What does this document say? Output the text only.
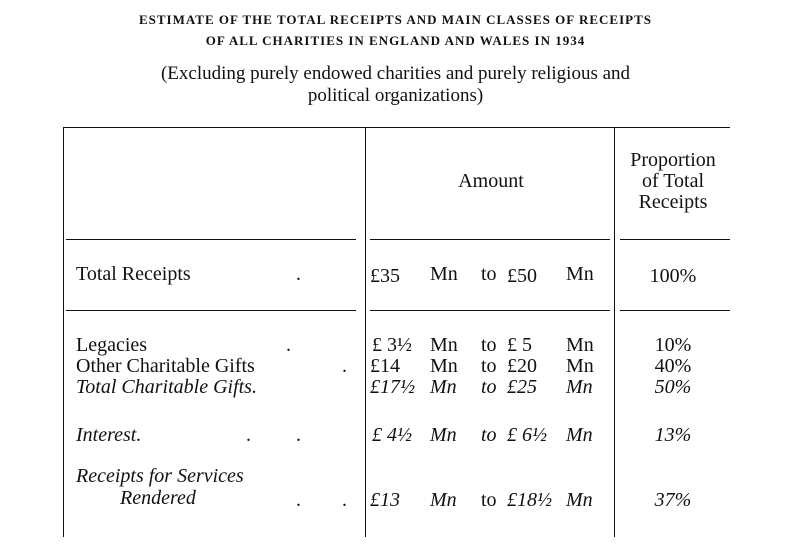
ESTIMATE OF THE TOTAL RECEIPTS AND MAIN CLASSES OF RECEIPTS
OF ALL CHARITIES IN ENGLAND AND WALES IN 1934
(Excluding purely endowed charities and purely religious and
political organizations)
Amount
Proportion
of Total
Receipts
Total Receipts	.	£35 Mn to £50 Mn	100%
Legacies	.	£ 3½ Mn to £ 5 Mn	10%
Other Charitable Gifts	. £14 Mn to £20 Mn	40%
Total Charitable Gifts.	£17½ Mn to £25 Mn	50%
Interest.	. .	£ 4½ Mn to £ 6½ Mn	13%
Receipts for Services
Rendered	. . £13 Mn to £18½ Mn	37%
